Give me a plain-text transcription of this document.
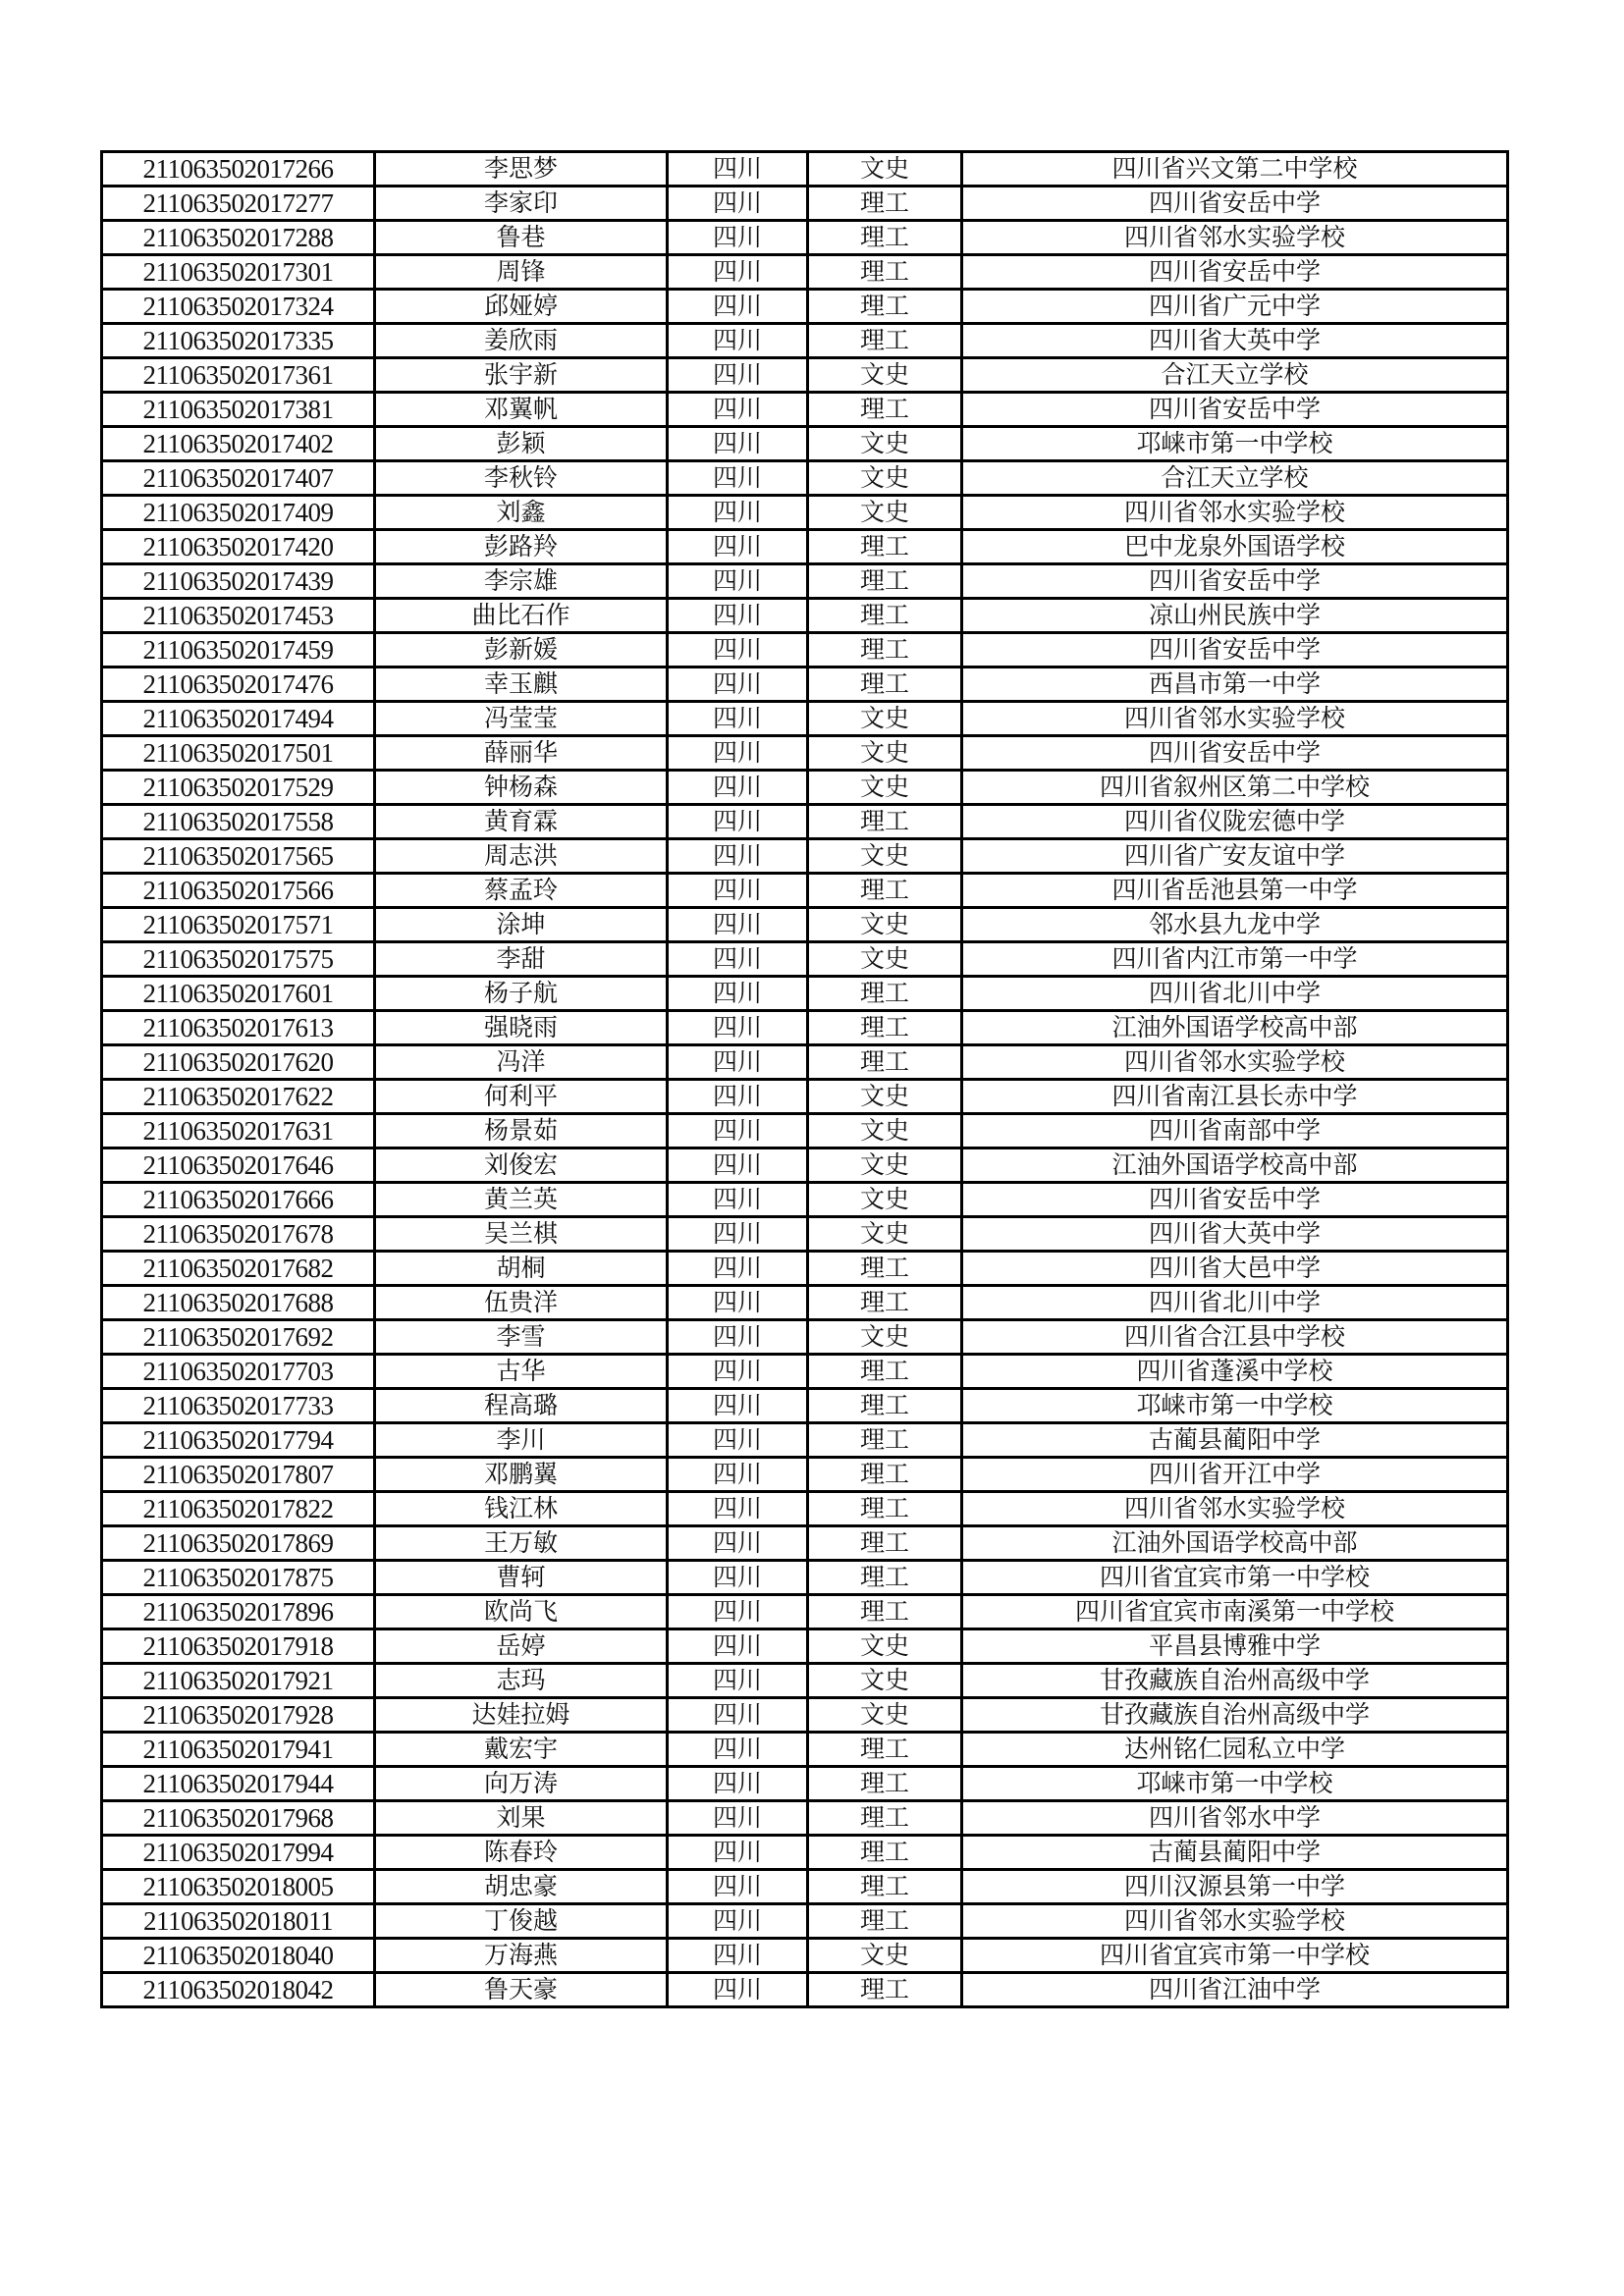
211063502017266	李思梦	四川	文史	四川省兴文第二中学校
211063502017277	李家印	四川	理工	四川省安岳中学
211063502017288	鲁巷	四川	理工	四川省邻水实验学校
211063502017301	周锋	四川	理工	四川省安岳中学
211063502017324	邱娅婷	四川	理工	四川省广元中学
211063502017335	姜欣雨	四川	理工	四川省大英中学
211063502017361	张宇新	四川	文史	合江天立学校
211063502017381	邓翼帆	四川	理工	四川省安岳中学
211063502017402	彭颖	四川	文史	邛崃市第一中学校
211063502017407	李秋铃	四川	文史	合江天立学校
211063502017409	刘鑫	四川	文史	四川省邻水实验学校
211063502017420	彭路羚	四川	理工	巴中龙泉外国语学校
211063502017439	李宗雄	四川	理工	四川省安岳中学
211063502017453	曲比石作	四川	理工	凉山州民族中学
211063502017459	彭新媛	四川	理工	四川省安岳中学
211063502017476	幸玉麒	四川	理工	西昌市第一中学
211063502017494	冯莹莹	四川	文史	四川省邻水实验学校
211063502017501	薛丽华	四川	文史	四川省安岳中学
211063502017529	钟杨森	四川	文史	四川省叙州区第二中学校
211063502017558	黄育霖	四川	理工	四川省仪陇宏德中学
211063502017565	周志洪	四川	文史	四川省广安友谊中学
211063502017566	蔡孟玲	四川	理工	四川省岳池县第一中学
211063502017571	涂坤	四川	文史	邻水县九龙中学
211063502017575	李甜	四川	文史	四川省内江市第一中学
211063502017601	杨子航	四川	理工	四川省北川中学
211063502017613	强晓雨	四川	理工	江油外国语学校高中部
211063502017620	冯洋	四川	理工	四川省邻水实验学校
211063502017622	何利平	四川	文史	四川省南江县长赤中学
211063502017631	杨景茹	四川	文史	四川省南部中学
211063502017646	刘俊宏	四川	文史	江油外国语学校高中部
211063502017666	黄兰英	四川	文史	四川省安岳中学
211063502017678	吴兰棋	四川	文史	四川省大英中学
211063502017682	胡桐	四川	理工	四川省大邑中学
211063502017688	伍贵洋	四川	理工	四川省北川中学
211063502017692	李雪	四川	文史	四川省合江县中学校
211063502017703	古华	四川	理工	四川省蓬溪中学校
211063502017733	程高璐	四川	理工	邛崃市第一中学校
211063502017794	李川	四川	理工	古蔺县蔺阳中学
211063502017807	邓鹏翼	四川	理工	四川省开江中学
211063502017822	钱江林	四川	理工	四川省邻水实验学校
211063502017869	王万敏	四川	理工	江油外国语学校高中部
211063502017875	曹轲	四川	理工	四川省宜宾市第一中学校
211063502017896	欧尚飞	四川	理工	四川省宜宾市南溪第一中学校
211063502017918	岳婷	四川	文史	平昌县博雅中学
211063502017921	志玛	四川	文史	甘孜藏族自治州高级中学
211063502017928	达娃拉姆	四川	文史	甘孜藏族自治州高级中学
211063502017941	戴宏宇	四川	理工	达州铭仁园私立中学
211063502017944	向万涛	四川	理工	邛崃市第一中学校
211063502017968	刘果	四川	理工	四川省邻水中学
211063502017994	陈春玲	四川	理工	古蔺县蔺阳中学
211063502018005	胡忠豪	四川	理工	四川汉源县第一中学
211063502018011	丁俊越	四川	理工	四川省邻水实验学校
211063502018040	万海燕	四川	文史	四川省宜宾市第一中学校
211063502018042	鲁天豪	四川	理工	四川省江油中学
